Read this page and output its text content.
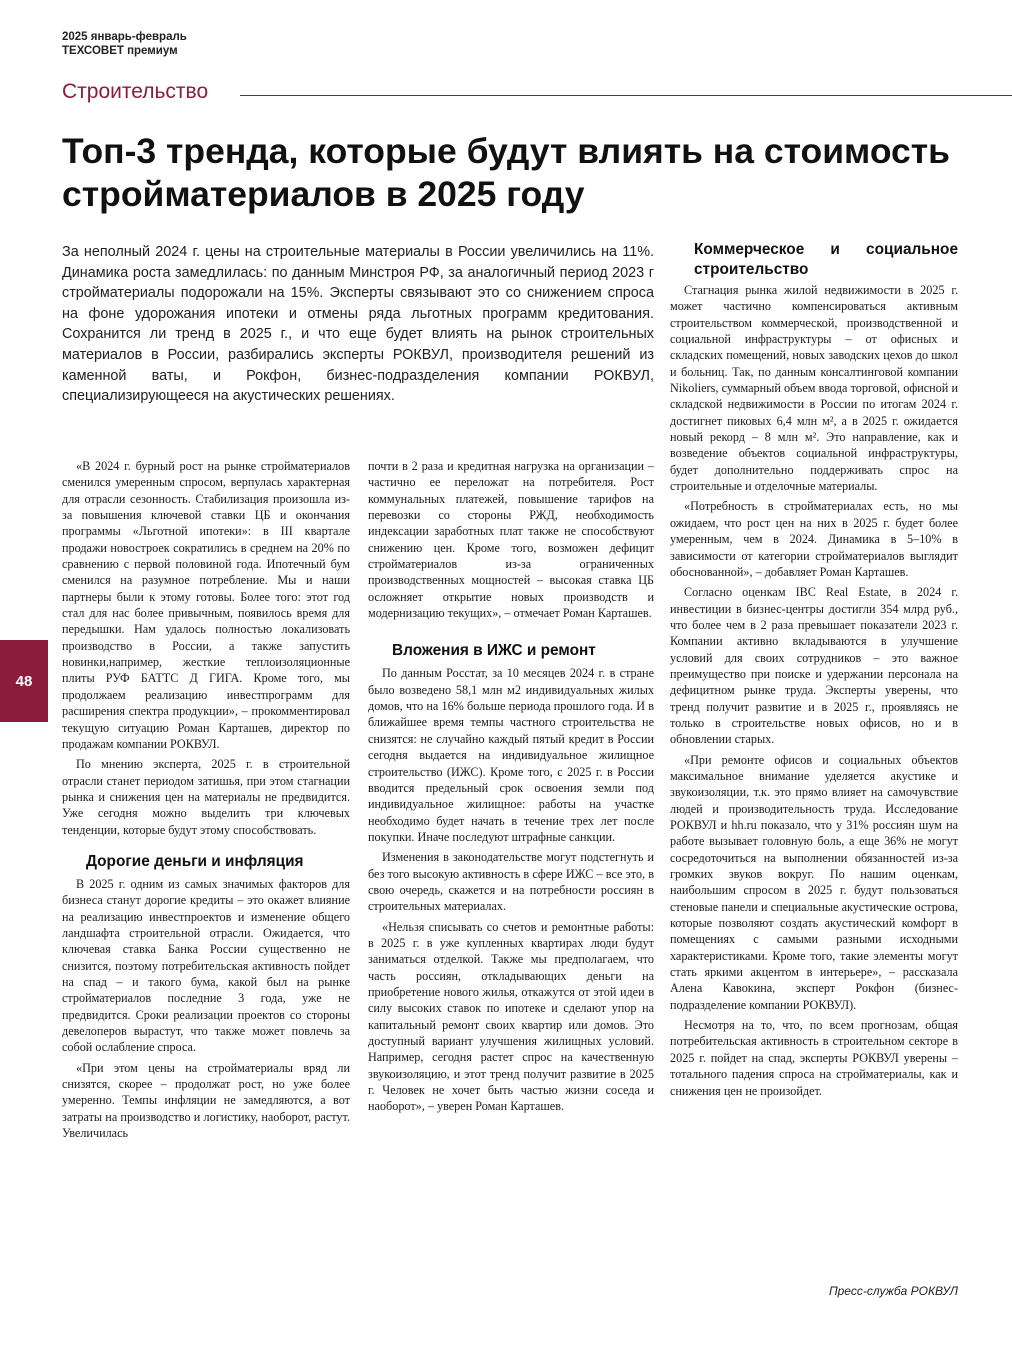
2025 январь-февраль
ТЕХСОВЕТ премиум
Строительство
Топ-3 тренда, которые будут влиять на стоимость стройматериалов в 2025 году
За неполный 2024 г. цены на строительные материалы в России увеличились на 11%. Динамика роста замедлилась: по данным Минстроя РФ, за аналогичный период 2023 г стройматериалы подорожали на 15%. Эксперты связывают это со снижением спроса на фоне удорожания ипотеки и отмены ряда льготных программ кредитования. Сохранится ли тренд в 2025 г., и что еще будет влиять на рынок строительных материалов в России, разбирались эксперты РОКВУЛ, производителя решений из каменной ваты, и Рокфон, бизнес-подразделения компании РОКВУЛ, специализирующееся на акустических решениях.

«В 2024 г. бурный рост на рынке стройматериалов сменился умеренным спросом, верпулась характерная для отрасли сезонность. Стабилизация произошла из-за повышения ключевой ставки ЦБ и окончания программы «Льготной ипотеки»: в III квартале продажи новостроек сократились в среднем на 20% по сравнению с первой половиной года. Ипотечный бум сменился на разумное потребление. Мы и наши партнеры были к этому готовы. Более того: этот год стал для нас более привычным, появилось время для передышки. Нам удалось полностью локализовать производство в России, а также запустить новинки,например, жесткие теплоизоляционные плиты РУФ БАТТС Д ГИГА. Кроме того, мы продолжаем реализацию инвестпрограмм для расширения спектра продукции», – прокомментировал текущую ситуацию Роман Карташев, директор по продажам компании РОКВУЛ.

По мнению эксперта, 2025 г. в строительной отрасли станет периодом затишья, при этом стагнации рынка и снижения цен на материалы не предвидится. Уже сегодня можно выделить три ключевых тенденции, которые будут этому способствовать.

Дорогие деньги и инфляция

В 2025 г. одним из самых значимых факторов для бизнеса станут дорогие кредиты – это окажет влияние на реализацию инвестпроектов и изменение общего ландшафта строительной отрасли. Ожидается, что ключевая ставка Банка России существенно не снизится, поэтому потребительская активность пойдет на спад – и такого бума, какой был на рынке стройматериалов последние 3 года, уже не предвидится. Сроки реализации проектов со стороны девелоперов вырастут, что также может повлечь за собой ослабление спроса.

«При этом цены на стройматериалы вряд ли снизятся, скорее – продолжат рост, но уже более умеренно. Темпы инфляции не замедляются, а вот затраты на производство и логистику, наоборот, растут. Увеличилась

почти в 2 раза и кредитная нагрузка на организации – частично ее переложат на потребителя. Рост коммунальных платежей, повышение тарифов на перевозки со стороны РЖД, необходимость индексации заработных плат также не способствуют снижению цен. Кроме того, возможен дефицит стройматериалов из-за ограниченных производственных мощностей – высокая ставка ЦБ осложняет открытие новых производств и модернизацию текущих», – отмечает Роман Карташев.

Вложения в ИЖС и ремонт

По данным Росстат, за 10 месяцев 2024 г. в стране было возведено 58,1 млн м2 индивидуальных жилых домов, что на 16% больше периода прошлого года. И в ближайшее время темпы частного строительства не снизятся: не случайно каждый пятый кредит в России сегодня выдается на индивидуальное жилищное строительство (ИЖС). Кроме того, с 2025 г. в России вводится предельный срок освоения земли под индивидуальное жилищное: работы на участке необходимо будет начать в течение трех лет после покупки. Иначе последуют штрафные санкции.

Изменения в законодательстве могут подстегнуть и без того высокую активность в сфере ИЖС – все это, в свою очередь, скажется и на потребности россиян в строительных материалах.

«Нельзя списывать со счетов и ремонтные работы: в 2025 г. в уже купленных квартирах люди будут заниматься отделкой. Также мы предполагаем, что часть россиян, откладывающих деньги на приобретение нового жилья, откажутся от этой идеи в силу высоких ставок по ипотеке и сделают упор на капитальный ремонт своих квартир или домов. Это доступный вариант улучшения жилищных условий. Например, сегодня растет спрос на качественную звукоизоляцию, и этот тренд получит развитие в 2025 г. Человек не хочет быть частью жизни соседа и наоборот», – уверен Роман Карташев.

Коммерческое и социальное строительство

Стагнация рынка жилой недвижимости в 2025 г. может частично компенсироваться активным строительством коммерческой, производственной и социальной инфраструктуры – от офисных и складских помещений, новых заводских цехов до школ и больниц. Так, по данным консалтинговой компании Nikoliers, суммарный объем ввода торговой, офисной и складской недвижимости в России по итогам 2024 г. достигнет пиковых 6,4 млн м², а в 2025 г. ожидается новый рекорд – 8 млн м². Это направление, как и возведение объектов социальной инфраструктуры, будет дополнительно поддерживать спрос на строительные и отделочные материалы.

«Потребность в стройматериалах есть, но мы ожидаем, что рост цен на них в 2025 г. будет более умеренным, чем в 2024. Динамика в 5–10% в зависимости от категории стройматериалов выглядит обоснованной», – добавляет Роман Карташев.

Согласно оценкам IBC Real Estate, в 2024 г. инвестиции в бизнес-центры достигли 354 млрд руб., что более чем в 2 раза превышает показатели 2023 г. Компании активно вкладываются в улучшение условий для своих сотрудников – это важное преимущество при поиске и удержании персонала на дефицитном рынке труда. Эксперты уверены, что тренд получит развитие и в 2025 г., проявляясь не только в строительстве новых офисов, но и в обновлении старых.

«При ремонте офисов и социальных объектов максимальное внимание уделяется акустике и звукоизоляции, т.к. это прямо влияет на самочувствие людей и производительность труда. Исследование РОКВУЛ и hh.ru показало, что у 31% россиян шум на работе вызывает головную боль, а еще 36% не могут сосредоточиться на выполнении обязанностей из-за громких звуков вокруг. По нашим оценкам, наибольшим спросом в 2025 г. будут пользоваться стеновые панели и специальные акустические острова, которые позволяют создать акустический комфорт в помещениях с самыми разными исходными характеристиками. Кроме того, такие элементы могут стать яркими акцентом в интерьере», – рассказала Алена Кавокина, эксперт Рокфон (бизнес-подразделение компании РОКВУЛ).

Несмотря на то, что, по всем прогнозам, общая потребительская активность в строительном секторе в 2025 г. пойдет на спад, эксперты РОКВУЛ уверены – тотального падения спроса на стройматериалы, как и снижения цен не произойдет.

Пресс-служба РОКВУЛ
48
